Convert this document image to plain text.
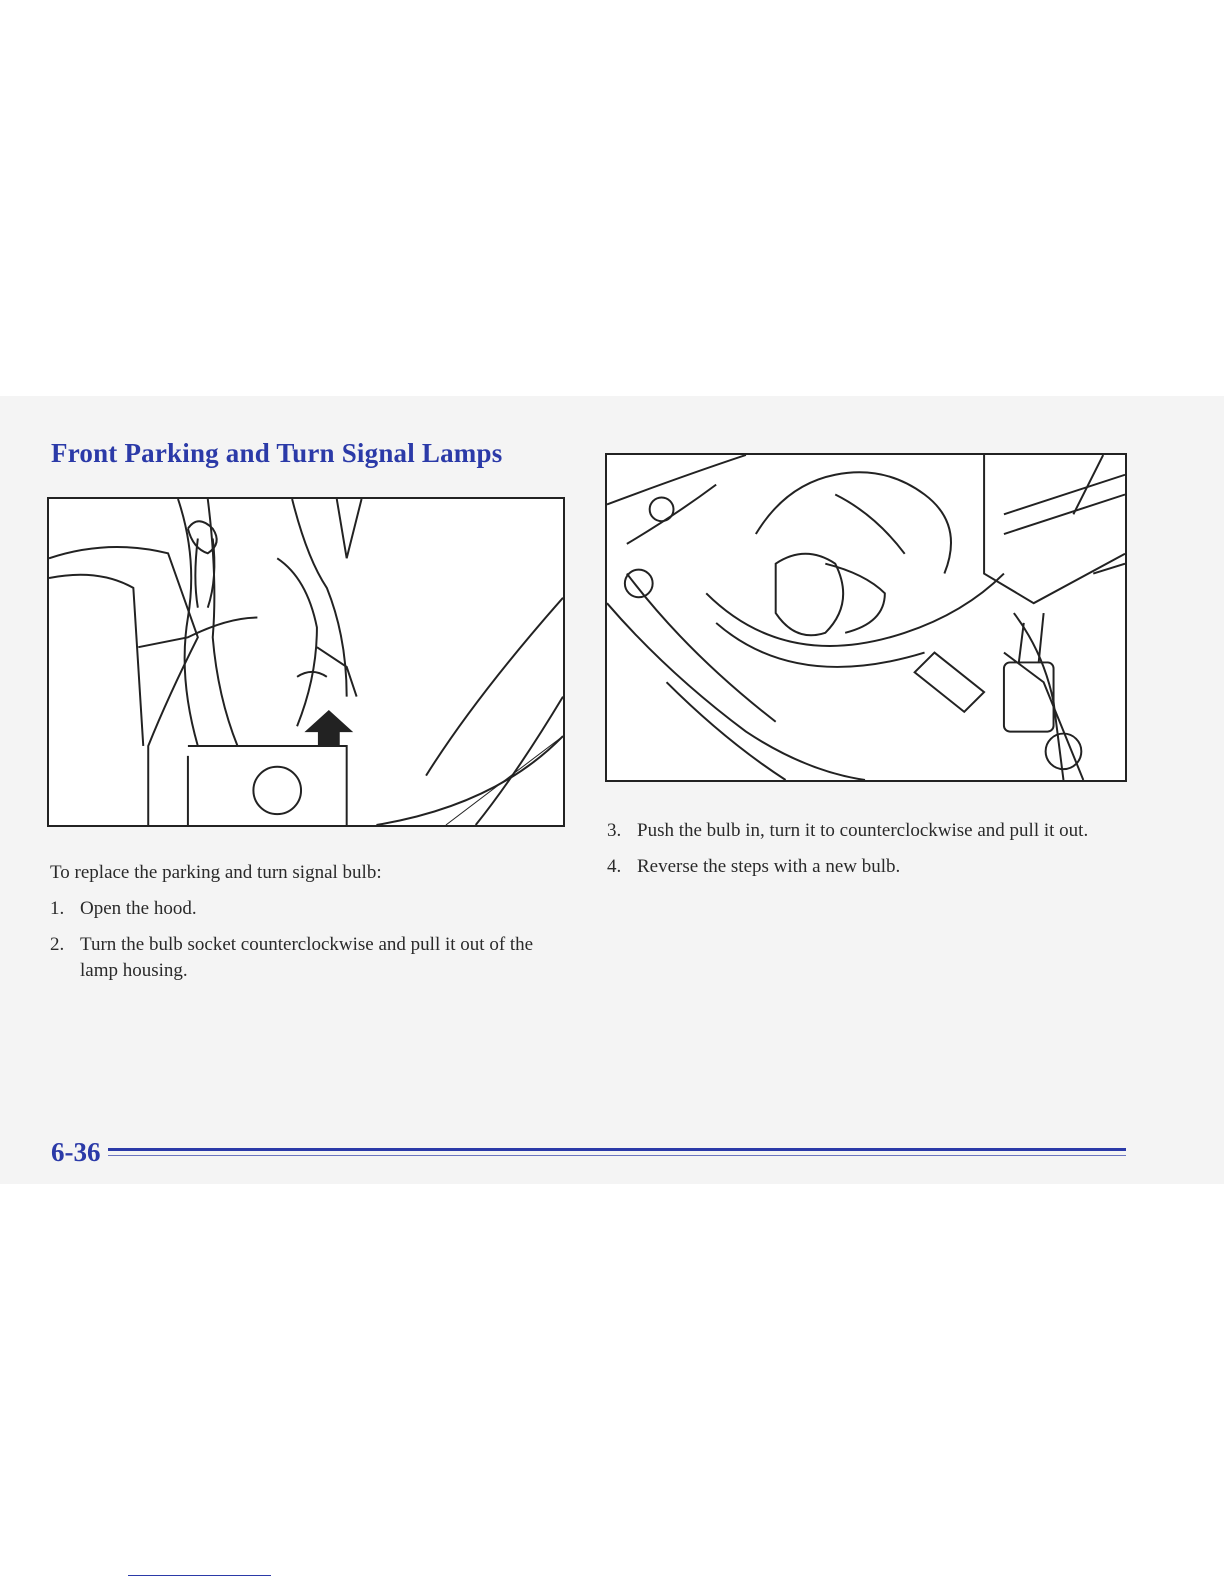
Front Parking and Turn Signal Lamps

To replace the parking and turn signal bulb:

1. Open the hood.
2. Turn the bulb socket counterclockwise and pull it out of the lamp housing.
3. Push the bulb in, turn it to counterclockwise and pull it out.
4. Reverse the steps with a new bulb.
6-36
